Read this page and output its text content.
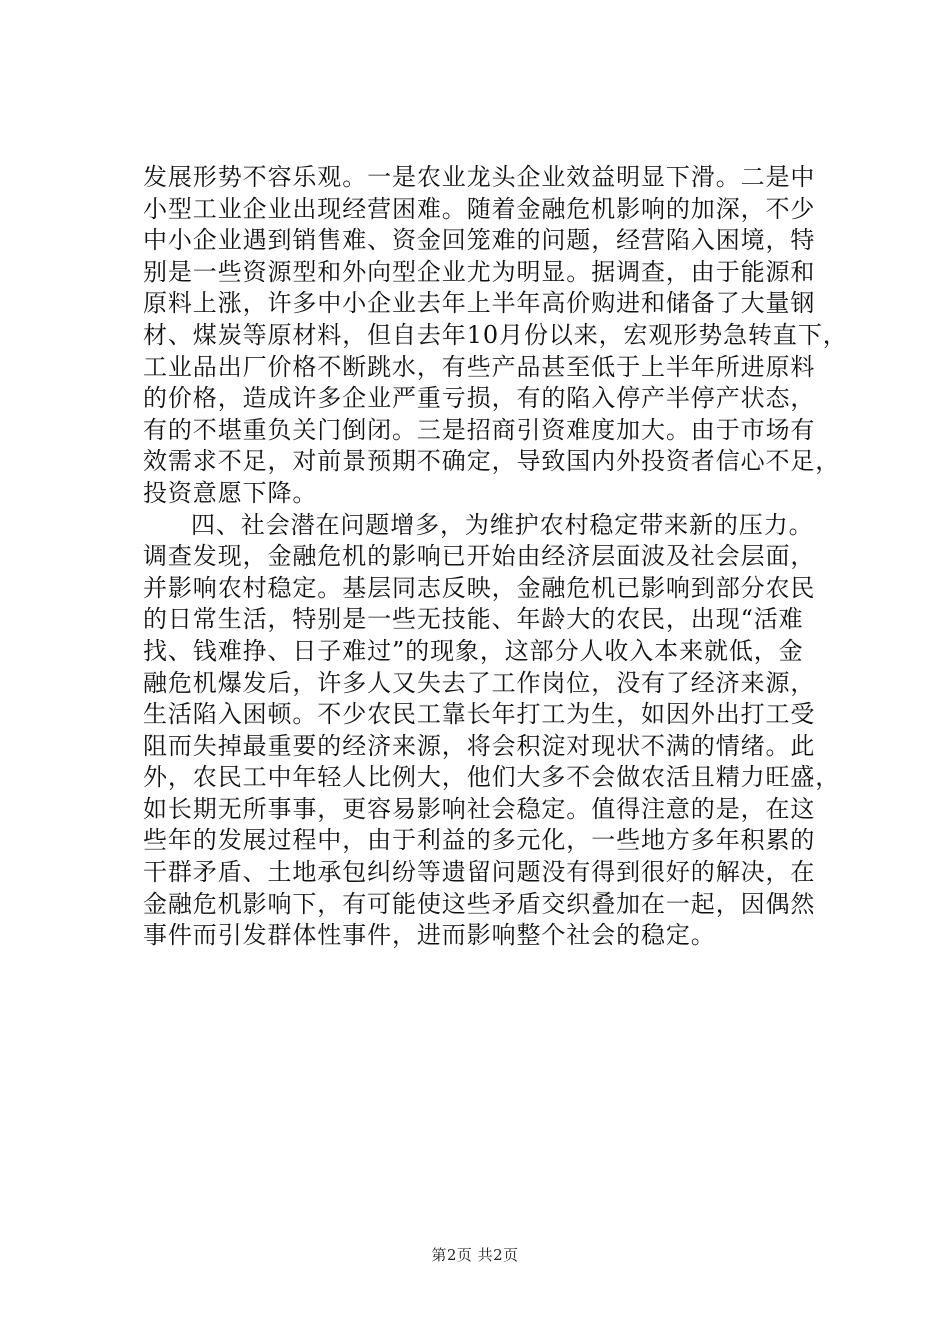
发展形势不容乐观。一是农业龙头企业效益明显下滑。二是中
小型工业企业出现经营困难。随着金融危机影响的加深，不少
中小企业遇到销售难、资金回笼难的问题，经营陷入困境，特
别是一些资源型和外向型企业尤为明显。据调查，由于能源和
原料上涨，许多中小企业去年上半年高价购进和储备了大量钢
材、煤炭等原材料，但自去年10月份以来，宏观形势急转直下，
工业品出厂价格不断跳水，有些产品甚至低于上半年所进原料
的价格，造成许多企业严重亏损，有的陷入停产半停产状态，
有的不堪重负关门倒闭。三是招商引资难度加大。由于市场有
效需求不足，对前景预期不确定，导致国内外投资者信心不足，
投资意愿下降。

四、社会潜在问题增多，为维护农村稳定带来新的压力。
调查发现，金融危机的影响已开始由经济层面波及社会层面，
并影响农村稳定。基层同志反映，金融危机已影响到部分农民
的日常生活，特别是一些无技能、年龄大的农民，出现“活难
找、钱难挣、日子难过”的现象，这部分人收入本来就低，金
融危机爆发后，许多人又失去了工作岗位，没有了经济来源，
生活陷入困顿。不少农民工靠长年打工为生，如因外出打工受
阻而失掉最重要的经济来源，将会积淀对现状不满的情绪。此
外，农民工中年轻人比例大，他们大多不会做农活且精力旺盛，
如长期无所事事，更容易影响社会稳定。值得注意的是，在这
些年的发展过程中，由于利益的多元化，一些地方多年积累的
干群矛盾、土地承包纠纷等遗留问题没有得到很好的解决，在
金融危机影响下，有可能使这些矛盾交织叠加在一起，因偶然
事件而引发群体性事件，进而影响整个社会的稳定。

第2页 共2页
